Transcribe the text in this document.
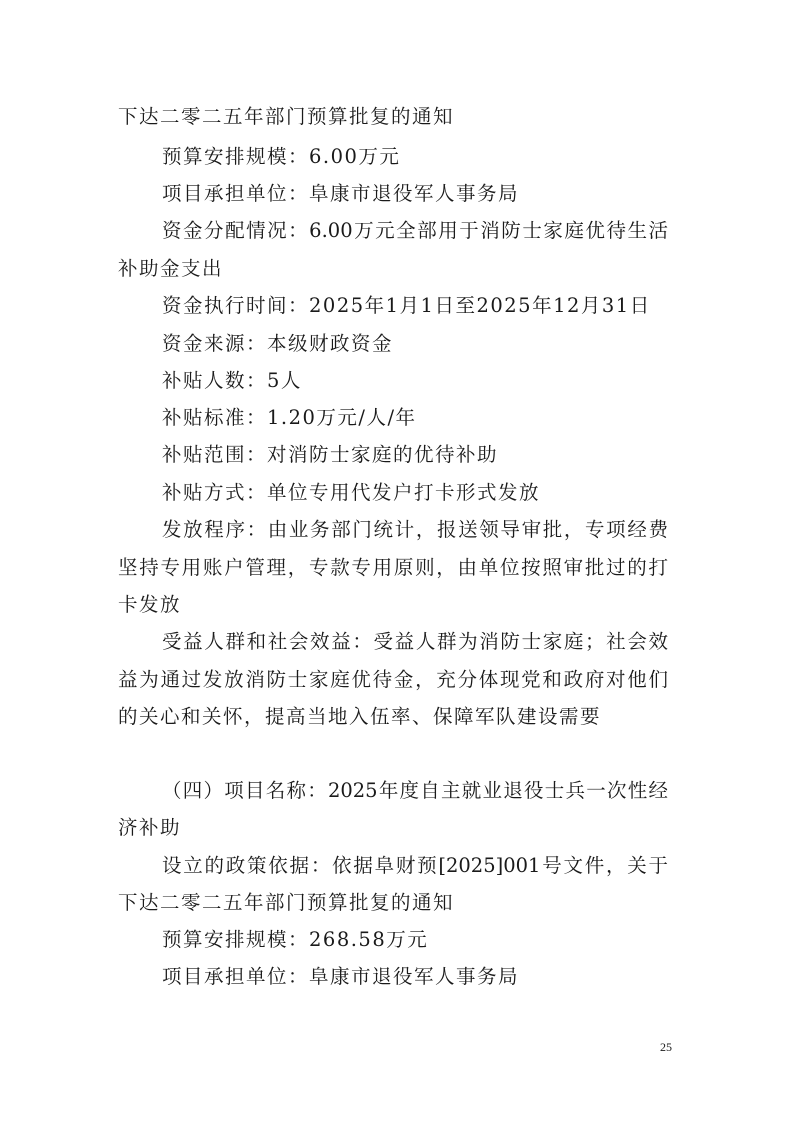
下达二零二五年部门预算批复的通知
预算安排规模：6.00万元
项目承担单位：阜康市退役军人事务局
资金分配情况：6.00万元全部用于消防士家庭优待生活
补助金支出
资金执行时间：2025年1月1日至2025年12月31日
资金来源：本级财政资金
补贴人数：5人
补贴标准：1.20万元/人/年
补贴范围：对消防士家庭的优待补助
补贴方式：单位专用代发户打卡形式发放
发放程序：由业务部门统计，报送领导审批，专项经费
坚持专用账户管理，专款专用原则，由单位按照审批过的打
卡发放
受益人群和社会效益：受益人群为消防士家庭；社会效
益为通过发放消防士家庭优待金，充分体现党和政府对他们
的关心和关怀，提高当地入伍率、保障军队建设需要
（四）项目名称：2025年度自主就业退役士兵一次性经
济补助
设立的政策依据：依据阜财预[2025]001号文件，关于
下达二零二五年部门预算批复的通知
预算安排规模：268.58万元
项目承担单位：阜康市退役军人事务局
25
